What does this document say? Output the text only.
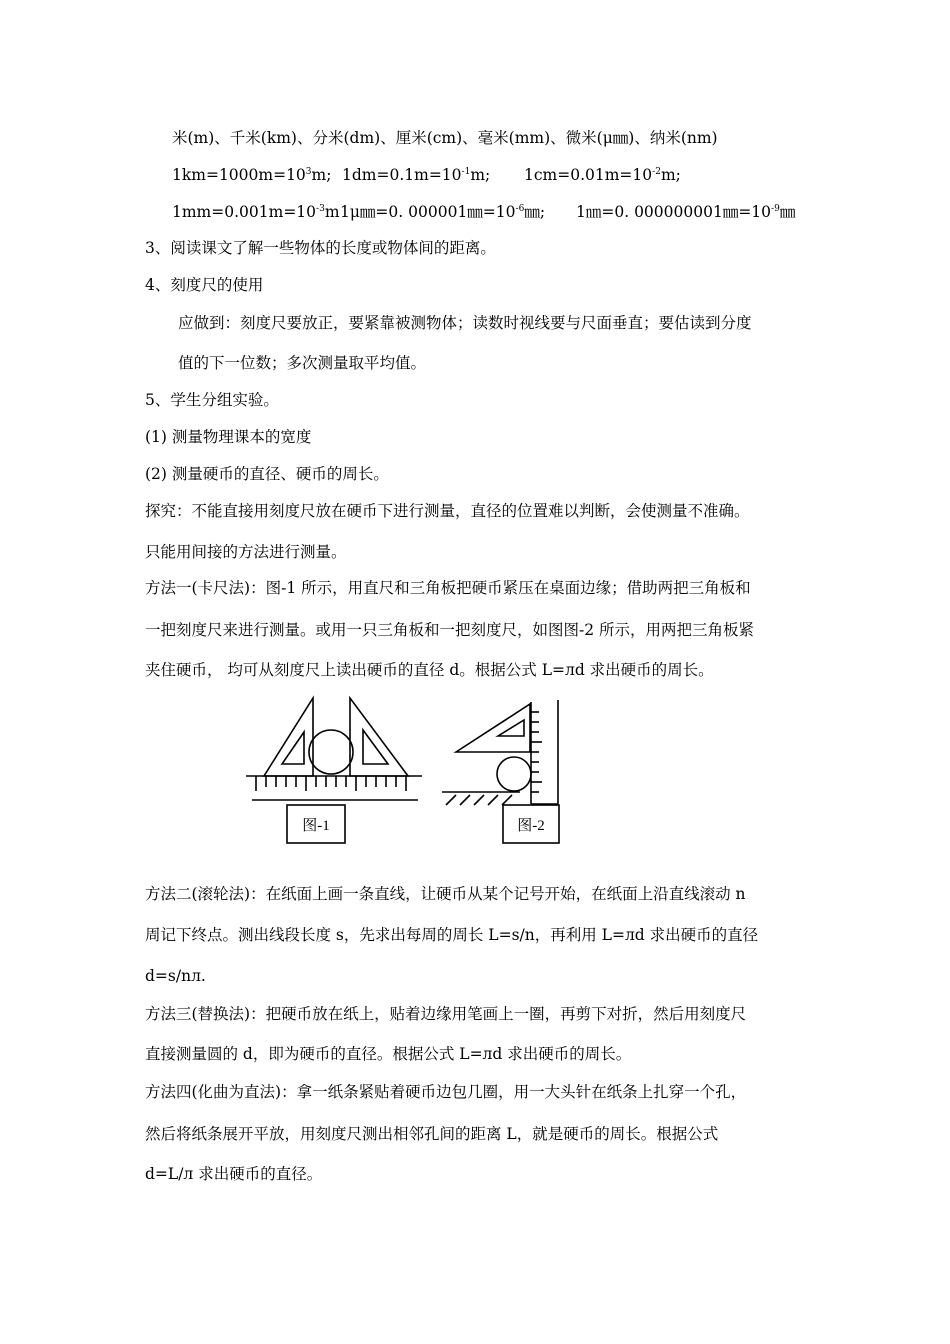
米(m)、千米(km)、分米(dm)、厘米(cm)、毫米(mm)、微米(μ㎜)、纳米(nm)
$1km=1000m=10^3m$; $1dm=0.1m=10^{-1}m$; $1cm=0.01m=10^{-2}m$;
$1mm=0.001m=10^{-3}m$ 1μ㎜=0. $000001㎜=10^{-6}㎜$; 1㎚=0. $000000001㎜=10^{-9}㎜$
3、阅读课文了解一些物体的长度或物体间的距离。
4、刻度尺的使用
应做到：刻度尺要放正，要紧靠被测物体；读数时视线要与尺面垂直；要估读到分度
值的下一位数；多次测量取平均值。
5、学生分组实验。
(1) 测量物理课本的宽度
(2) 测量硬币的直径、硬币的周长。
探究：不能直接用刻度尺放在硬币下进行测量，直径的位置难以判断，会使测量不准确。
只能用间接的方法进行测量。
方法一(卡尺法)：图-1 所示，用直尺和三角板把硬币紧压在桌面边缘；借助两把三角板和
一把刻度尺来进行测量。或用一只三角板和一把刻度尺，如图图-2 所示，用两把三角板紧
夹住硬币， 均可从刻度尺上读出硬币的直径 d。根据公式 L=лd 求出硬币的周长。
图-1	图-2
方法二(滚轮法)：在纸面上画一条直线，让硬币从某个记号开始，在纸面上沿直线滚动 n
周记下终点。测出线段长度 s，先求出每周的周长 L=s/n，再利用 L=лd 求出硬币的直径
d=s/nл.
方法三(替换法)：把硬币放在纸上，贴着边缘用笔画上一圈，再剪下对折，然后用刻度尺
直接测量圆的 d，即为硬币的直径。根据公式 L=лd 求出硬币的周长。
方法四(化曲为直法)：拿一纸条紧贴着硬币边包几圈，用一大头针在纸条上扎穿一个孔，
然后将纸条展开平放，用刻度尺测出相邻孔间的距离 L，就是硬币的周长。根据公式
d=L/л 求出硬币的直径。
